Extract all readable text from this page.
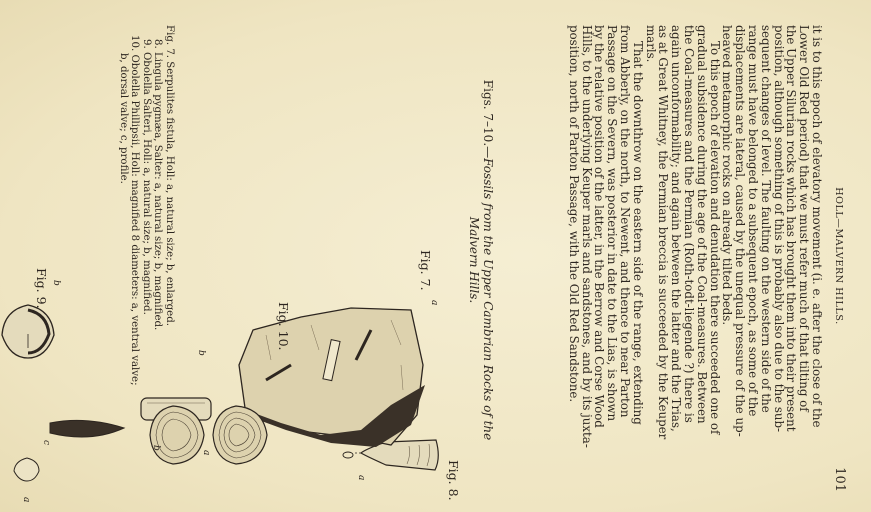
HOLL—MALVERN HILLS.
101

it is to this epoch of elevatory movement (i. e. after the close of the

Lower Old Red period) that we must refer much of that tilting of

the Upper Silurian rocks which has brought them into their present

position, although something of this is probably also due to the sub-

sequent changes of level. The faulting on the western side of the

range must have belonged to a subsequent epoch, as some of the

displacements are lateral, caused by the unequal pressure of the up-

heaved metamorphic rocks on already tilted beds.

To this epoch of elevation and denudation there succeeded one of

gradual subsidence during the age of the Coal-measures. Between

the Coal-measures and the Permian (Roth-todt-liegende ?) there is

again unconformability; and again between the latter and the Trias,

as at Great Whitney, the Permian breccia is succeeded by the Keuper

marls.

That the downthrow on the eastern side of the range, extending

from Abberly, on the north, to Newent, and thence to near Parton

Passage on the Severn, was posterior in date to the Lias, is shown

by the relative position of the latter, in the Berrow and Corse Wood

Hills, to the underlying Keuper marls and sandstones, and by its juxta-

position, north of Parton Passage, with the Old Red Sandstone.

Figs. 7–10.—Fossils from the Upper Cambrian Rocks of the
Malvern Hills.
Fig. 8.
a
Fig. 7.
a
b
Fig. 10.
a
b
c
Fig. 9. b
a
Fig. 7. Serpulites fistula, Holl: a, natural size; b, enlarged.
8. Lingula pygmæa, Salter: a, natural size; b, magnified.
9. Obolella Salteri, Holl: a, natural size; b, magnified.
10. Obolella Phillipsii, Holl: magnified 8 diameters: a, ventral valve;
b, dorsal valve; c, profile.
